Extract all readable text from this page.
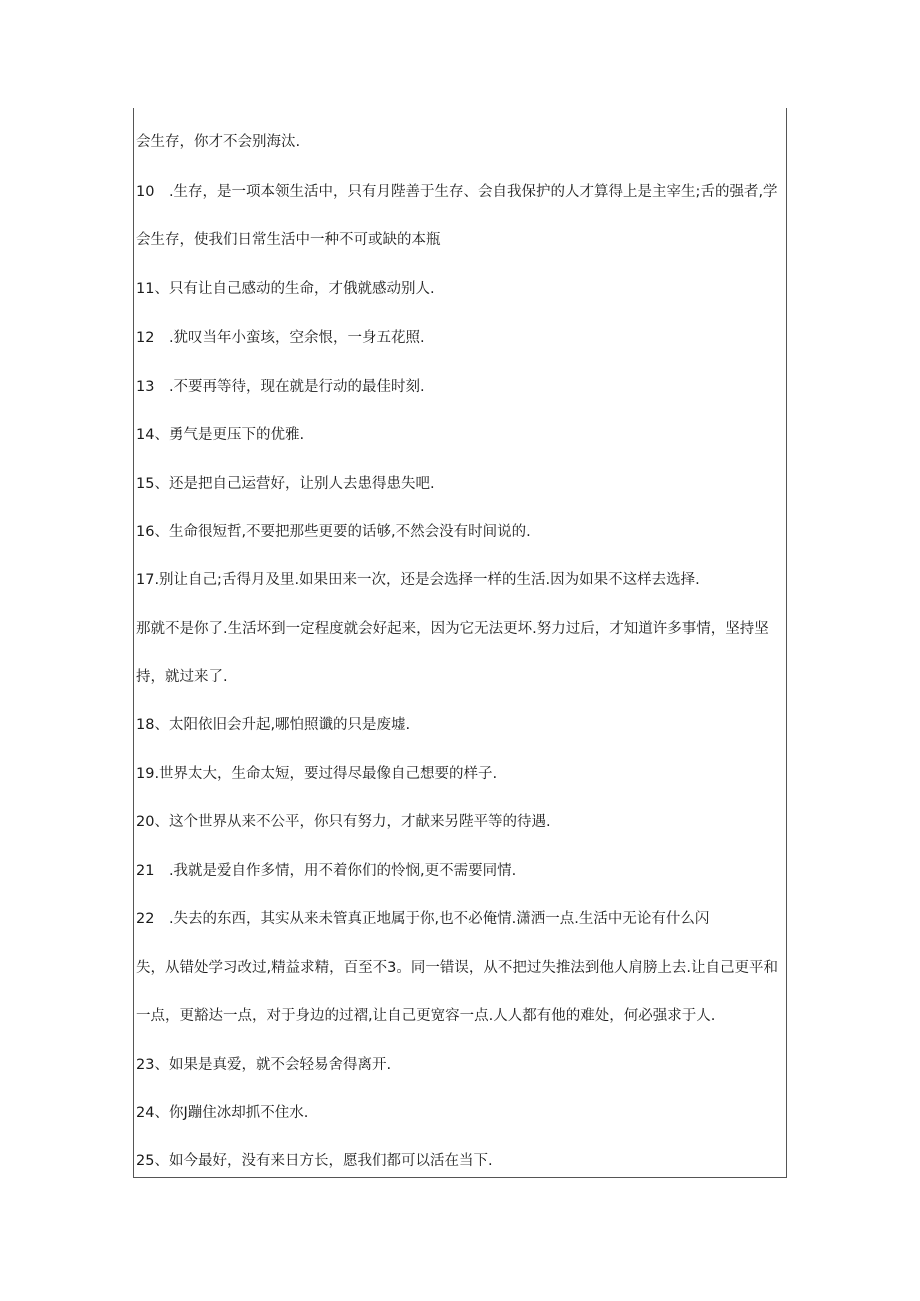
会生存，你才不会别海汰.
10　.生存，是一项本领生活中，只有月陛善于生存、会自我保护的人才算得上是主宰生;舌的强者,学
会生存，使我们日常生活中一种不可或缺的本瓶
11、只有让自己感动的生命，才俄就感动别人.
12　.犹叹当年小蛮垓，空余恨，一身五花照.
13　.不要再等待，现在就是行动的最佳时刻.
14、勇气是更压下的优雅.
15、还是把自己运营好，让别人去患得患失吧.
16、生命很短哲,不要把那些更要的话够,不然会没有时间说的.
17.别让自己;舌得月及里.如果田来一次，还是会选择一样的生活.因为如果不这样去选择.
那就不是你了.生活坏到一定程度就会好起来，因为它无法更坏.努力过后，才知道许多事情，坚持坚
持，就过来了.
18、太阳依旧会升起,哪怕照谶的只是废墟.
19.世界太大，生命太短，要过得尽最像自己想要的样子.
20、这个世界从来不公平，你只有努力，才献来另陛平等的待遇.
21　.我就是爱自作多情，用不着你们的怜悯,更不需要同情.
22　.失去的东西，其实从来未管真正地属于你,也不必俺情.潇洒一点.生活中无论有什么闪
失，从错处学习改过,精益求精，百至不3。同一错误，从不把过失推法到他人肩膀上去.让自己更平和
一点，更豁达一点，对于身边的过褶,让自己更宽容一点.人人都有他的难处，何必强求于人.
23、如果是真爱，就不会轻易舍得离开.
24、你J蹦住冰却抓不住水.
25、如今最好，没有来日方长，愿我们都可以活在当下.
